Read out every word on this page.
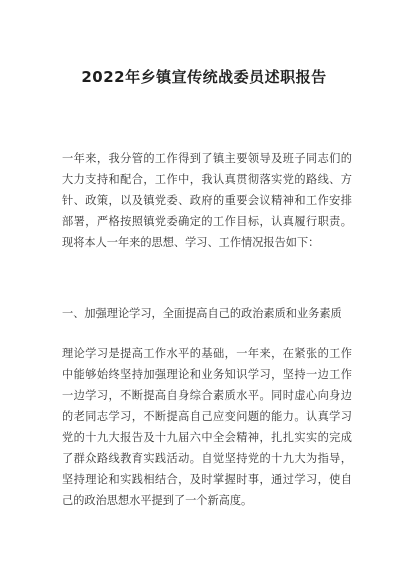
2022年乡镇宣传统战委员述职报告
一年来，我分管的工作得到了镇主要领导及班子同志们的
大力支持和配合，工作中，我认真贯彻落实党的路线、方
针、政策，以及镇党委、政府的重要会议精神和工作安排
部署，严格按照镇党委确定的工作目标，认真履行职责。
现将本人一年来的思想、学习、工作情况报告如下：
一、加强理论学习，全面提高自己的政治素质和业务素质
理论学习是提高工作水平的基础，一年来，在紧张的工作
中能够始终坚持加强理论和业务知识学习，坚持一边工作
一边学习，不断提高自身综合素质水平。同时虚心向身边
的老同志学习，不断提高自己应变问题的能力。认真学习
党的十九大报告及十九届六中全会精神，扎扎实实的完成
了群众路线教育实践活动。自觉坚持党的十九大为指导，
坚持理论和实践相结合，及时掌握时事，通过学习，使自
己的政治思想水平提到了一个新高度。
